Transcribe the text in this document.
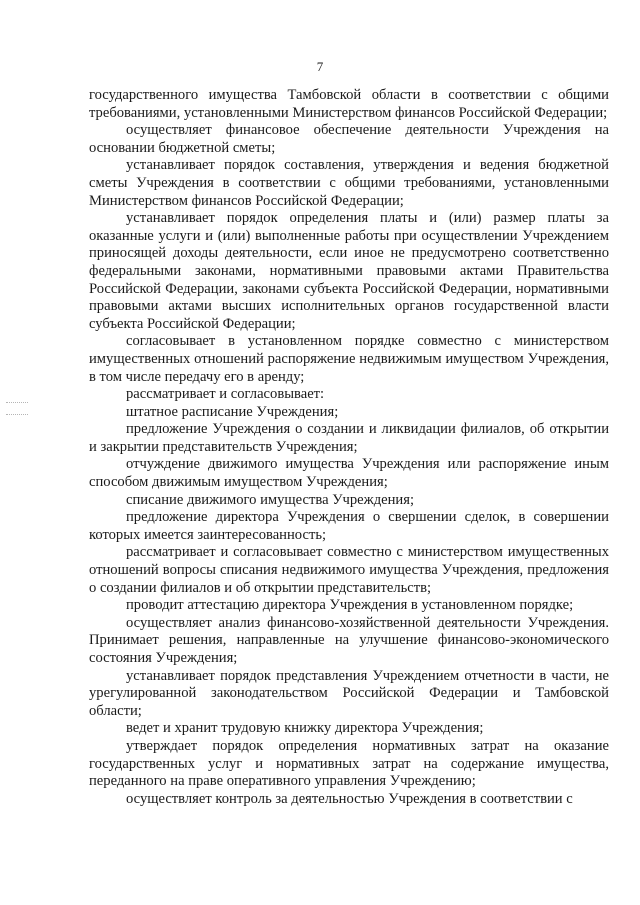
7

государственного имущества Тамбовской области в соответствии с общими требованиями, установленными Министерством финансов Российской Федерации;

осуществляет финансовое обеспечение деятельности Учреждения на основании бюджетной сметы;

устанавливает порядок составления, утверждения и ведения бюджетной сметы Учреждения в соответствии с общими требованиями, установленными Министерством финансов Российской Федерации;

устанавливает порядок определения платы и (или) размер платы за оказанные услуги и (или) выполненные работы при осуществлении Учреждением приносящей доходы деятельности, если иное не предусмотрено соответственно федеральными законами, нормативными правовыми актами Правительства Российской Федерации, законами субъекта Российской Федерации, нормативными правовыми актами высших исполнительных органов государственной власти субъекта Российской Федерации;

согласовывает в установленном порядке совместно с министерством имущественных отношений распоряжение недвижимым имуществом Учреждения, в том числе передачу его в аренду;

рассматривает и согласовывает:

штатное расписание Учреждения;

предложение Учреждения о создании и ликвидации филиалов, об открытии и закрытии представительств Учреждения;

отчуждение движимого имущества Учреждения или распоряжение иным способом движимым имуществом Учреждения;

списание движимого имущества Учреждения;

предложение директора Учреждения о свершении сделок, в совершении которых имеется заинтересованность;

рассматривает и согласовывает совместно с министерством имущественных отношений вопросы списания недвижимого имущества Учреждения, предложения о создании филиалов и об открытии представительств;

проводит аттестацию директора Учреждения в установленном порядке;

осуществляет анализ финансово-хозяйственной деятельности Учреждения. Принимает решения, направленные на улучшение финансово-экономического состояния Учреждения;

устанавливает порядок представления Учреждением отчетности в части, не урегулированной законодательством Российской Федерации и Тамбовской области;

ведет и хранит трудовую книжку директора Учреждения;

утверждает порядок определения нормативных затрат на оказание государственных услуг и нормативных затрат на содержание имущества, переданного на праве оперативного управления Учреждению;

осуществляет контроль за деятельностью Учреждения в соответствии с
